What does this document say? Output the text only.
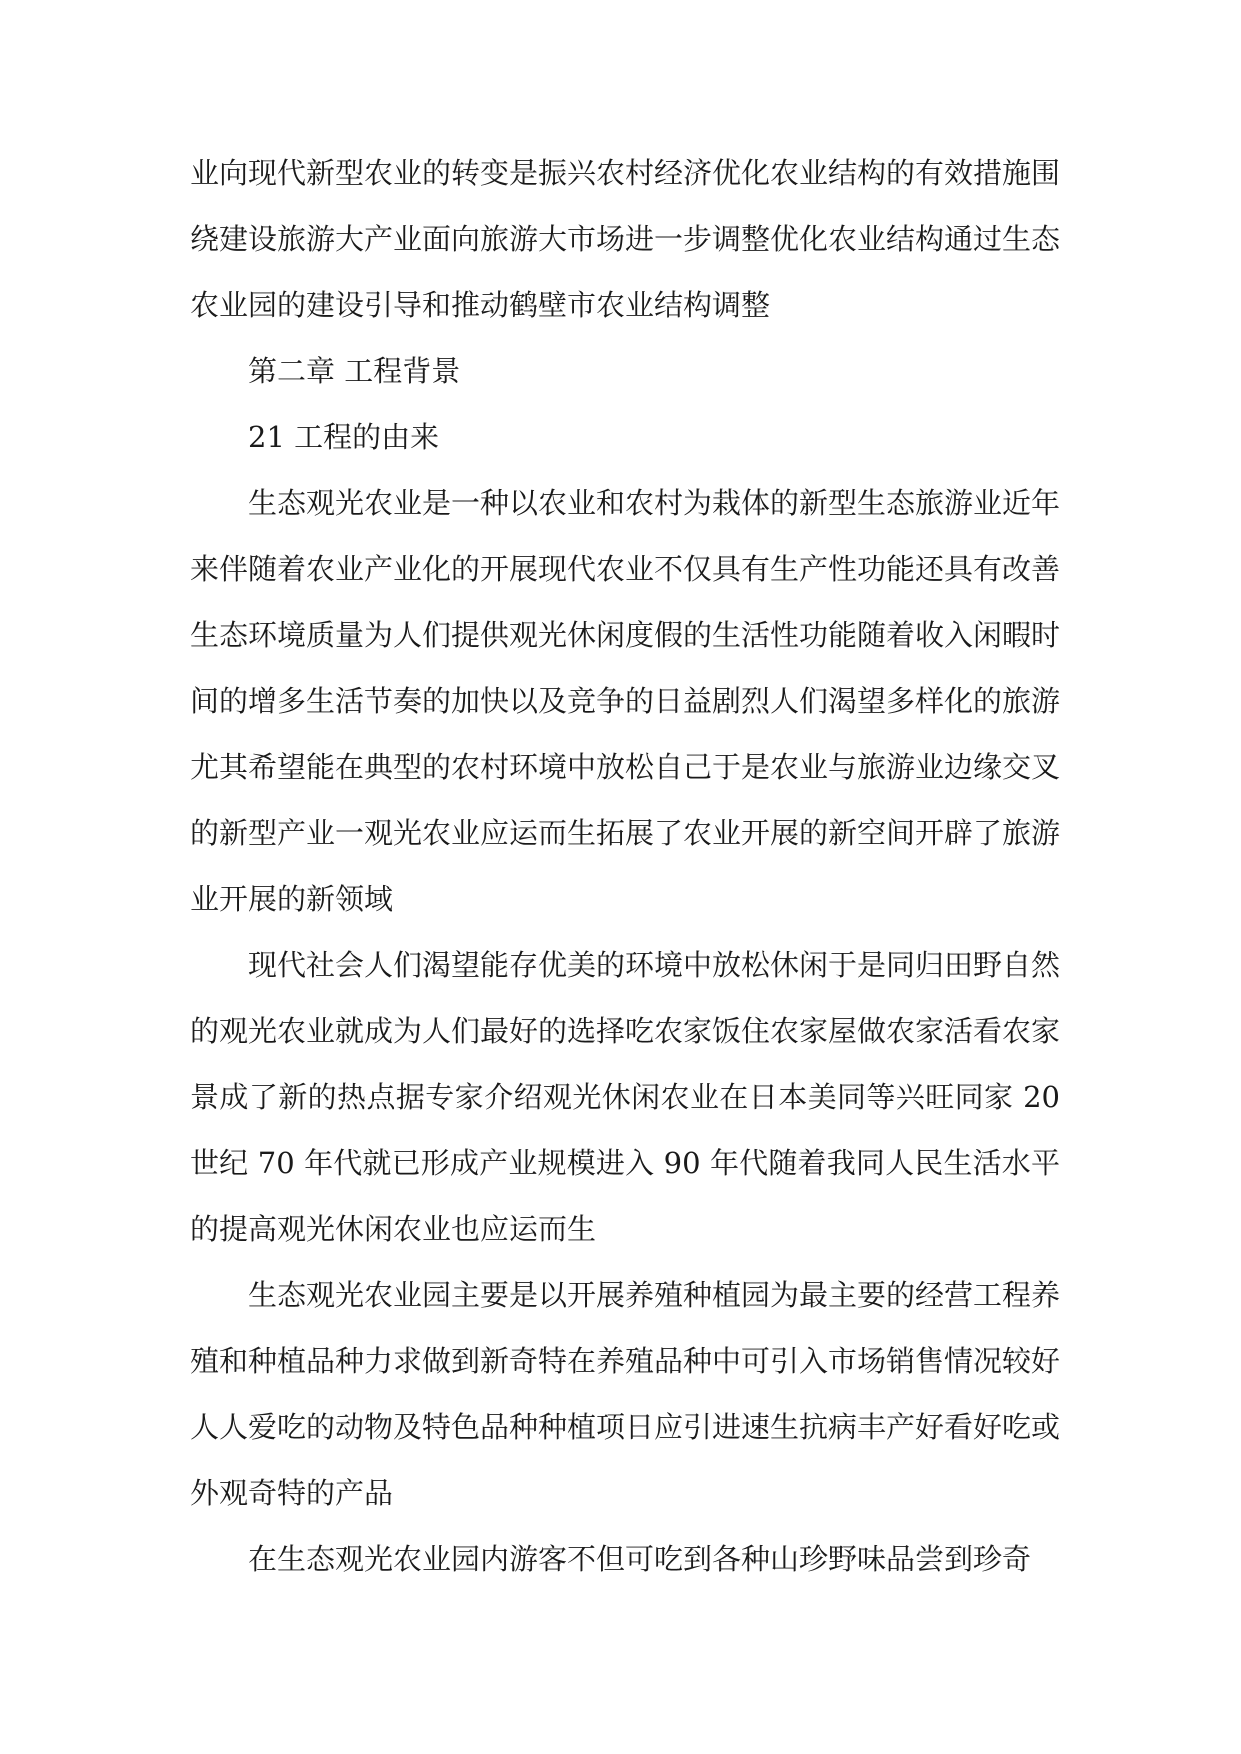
业向现代新型农业的转变是振兴农村经济优化农业结构的有效措施围绕建设旅游大产业面向旅游大市场进一步调整优化农业结构通过生态农业园的建设引导和推动鹤壁市农业结构调整

第二章 工程背景

21 工程的由来

生态观光农业是一种以农业和农村为栽体的新型生态旅游业近年来伴随着农业产业化的开展现代农业不仅具有生产性功能还具有改善生态环境质量为人们提供观光休闲度假的生活性功能随着收入闲暇时间的增多生活节奏的加快以及竞争的日益剧烈人们渴望多样化的旅游尤其希望能在典型的农村环境中放松自己于是农业与旅游业边缘交叉的新型产业一观光农业应运而生拓展了农业开展的新空间开辟了旅游业开展的新领域

现代社会人们渴望能存优美的环境中放松休闲于是同归田野自然的观光农业就成为人们最好的选择吃农家饭住农家屋做农家活看农家景成了新的热点据专家介绍观光休闲农业在日本美同等兴旺同家 20 世纪 70 年代就已形成产业规模进入 90 年代随着我同人民生活水平的提高观光休闲农业也应运而生

生态观光农业园主要是以开展养殖种植园为最主要的经营工程养殖和种植品种力求做到新奇特在养殖品种中可引入市场销售情况较好人人爱吃的动物及特色品种种植项日应引进速生抗病丰产好看好吃或外观奇特的产品

在生态观光农业园内游客不但可吃到各种山珍野味品尝到珍奇
